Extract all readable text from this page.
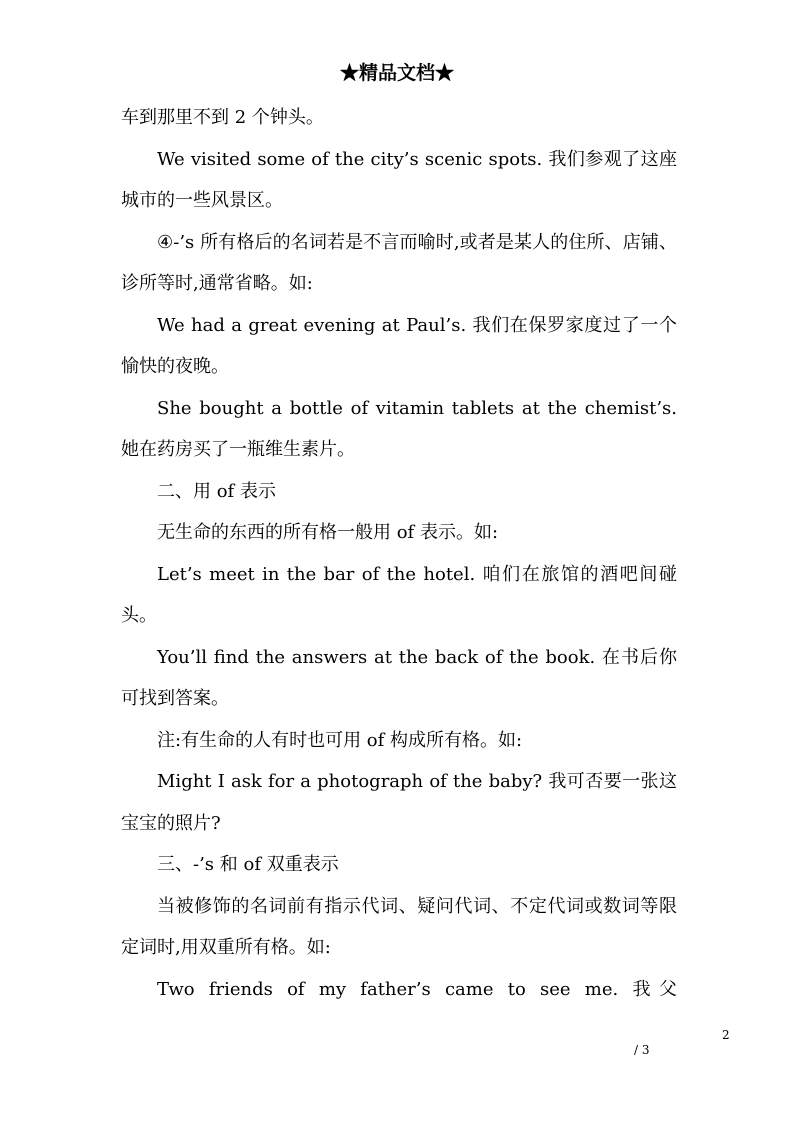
★精品文档★

车到那里不到 2 个钟头。

We visited some of the city’s scenic spots. 我们参观了这座城市的一些风景区。

④-’s 所有格后的名词若是不言而喻时,或者是某人的住所、店铺、诊所等时,通常省略。如:

We had a great evening at Paul’s. 我们在保罗家度过了一个愉快的夜晚。

She bought a bottle of vitamin tablets at the chemist’s. 她在药房买了一瓶维生素片。

二、用 of 表示

无生命的东西的所有格一般用 of 表示。如:

Let’s meet in the bar of the hotel. 咱们在旅馆的酒吧间碰头。

You’ll find the answers at the back of the book. 在书后你可找到答案。

注:有生命的人有时也可用 of 构成所有格。如:

Might I ask for a photograph of the baby? 我可否要一张这宝宝的照片?

三、-’s 和 of 双重表示

当被修饰的名词前有指示代词、疑问代词、不定代词或数词等限定词时,用双重所有格。如:

Two friends of my father’s came to see me. 我父

2
/ 3
